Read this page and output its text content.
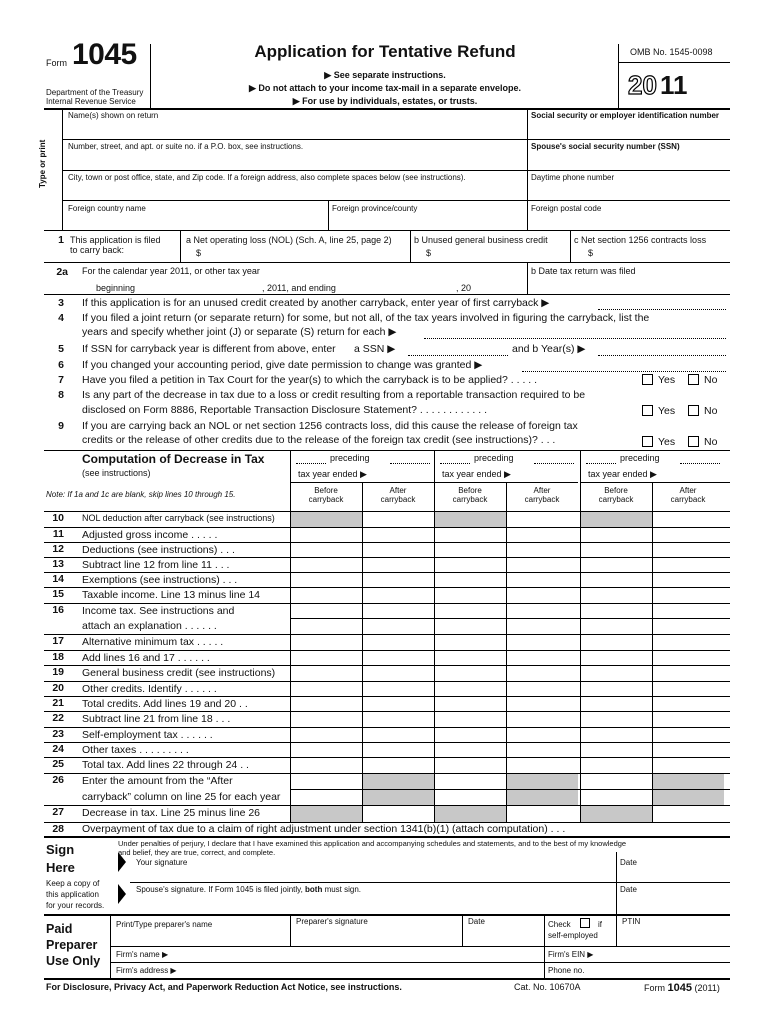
Form 1045
Department of the Treasury
Internal Revenue Service
Application for Tentative Refund
▶ See separate instructions.
▶ Do not attach to your income tax-mail in a separate envelope.
▶ For use by individuals, estates, or trusts.
OMB No. 1545-0098
20 11
Type or print
Name(s) shown on return	Social security or employer identification number
Number, street, and apt. or suite no. if a P.O. box, see instructions.	Spouse's social security number (SSN)
City, town or post office, state, and Zip code. If a foreign address, also complete spaces below (see instructions).	Daytime phone number
Foreign country name	Foreign province/county	Foreign postal code
1 This application is filed
to carry back:
a Net operating loss (NOL) (Sch. A, line 25, page 2)
$
b Unused general business credit
$
c Net section 1256 contracts loss
$
2a For the calendar year 2011, or other tax year
beginning	, 2011, and ending	, 20
b Date tax return was filed
3 If this application is for an unused credit created by another carryback, enter year of first carryback ▶
4 If you filed a joint return (or separate return) for some, but not all, of the tax years involved in figuring the carryback, list the
years and specify whether joint (J) or separate (S) return for each ▶
5 If SSN for carryback year is different from above, enter a SSN ▶	and b Year(s) ▶
6 If you changed your accounting period, give date permission to change was granted ▶
7 Have you filed a petition in Tax Court for the year(s) to which the carryback is to be applied? . . . . .	Yes	No
8 Is any part of the decrease in tax due to a loss or credit resulting from a reportable transaction required to be
disclosed on Form 8886, Reportable Transaction Disclosure Statement? . . . . . . . . . . . .	Yes	No
9 If you are carrying back an NOL or net section 1256 contracts loss, did this cause the release of foreign tax
credits or the release of other credits due to the release of the foreign tax credit (see instructions)? . . .	Yes	No
Computation of Decrease in Tax
(see instructions)
Note: If 1a and 1c are blank, skip lines 10 through 15.
preceding
tax year ended ▶
Before
carryback
After
carryback
preceding
tax year ended ▶
Before
carryback
After
carryback
preceding
tax year ended ▶
Before
carryback
After
carryback
10 NOL deduction after carryback (see instructions)
11 Adjusted gross income . . . . .
12 Deductions (see instructions) . . .
13 Subtract line 12 from line 11 . . .
14 Exemptions (see instructions) . . .
15 Taxable income. Line 13 minus line 14
16 Income tax. See instructions and
attach an explanation . . . . . .
17 Alternative minimum tax . . . . .
18 Add lines 16 and 17 . . . . . .
19 General business credit (see instructions)
20 Other credits. Identify . . . . . .
21 Total credits. Add lines 19 and 20 . .
22 Subtract line 21 from line 18 . . .
23 Self-employment tax . . . . . .
24 Other taxes . . . . . . . . .
25 Total tax. Add lines 22 through 24 . .
26 Enter the amount from the “After
carryback” column on line 25 for each year
27 Decrease in tax. Line 25 minus line 26
28 Overpayment of tax due to a claim of right adjustment under section 1341(b)(1) (attach computation) . . .
Sign
Here
Keep a copy of
this application
for your records.
Under penalties of perjury, I declare that I have examined this application and accompanying schedules and statements, and to the best of my knowledge
and belief, they are true, correct, and complete.
Your signature	Date
Spouse's signature. If Form 1045 is filed jointly, both must sign.	Date
Paid
Preparer
Use Only
Print/Type preparer's name	Preparer's signature	Date	Check	if
self-employed
PTIN
Firm's name ▶	Firm's EIN ▶
Firm's address ▶	Phone no.
For Disclosure, Privacy Act, and Paperwork Reduction Act Notice, see instructions.	Cat. No. 10670A	Form 1045 (2011)
